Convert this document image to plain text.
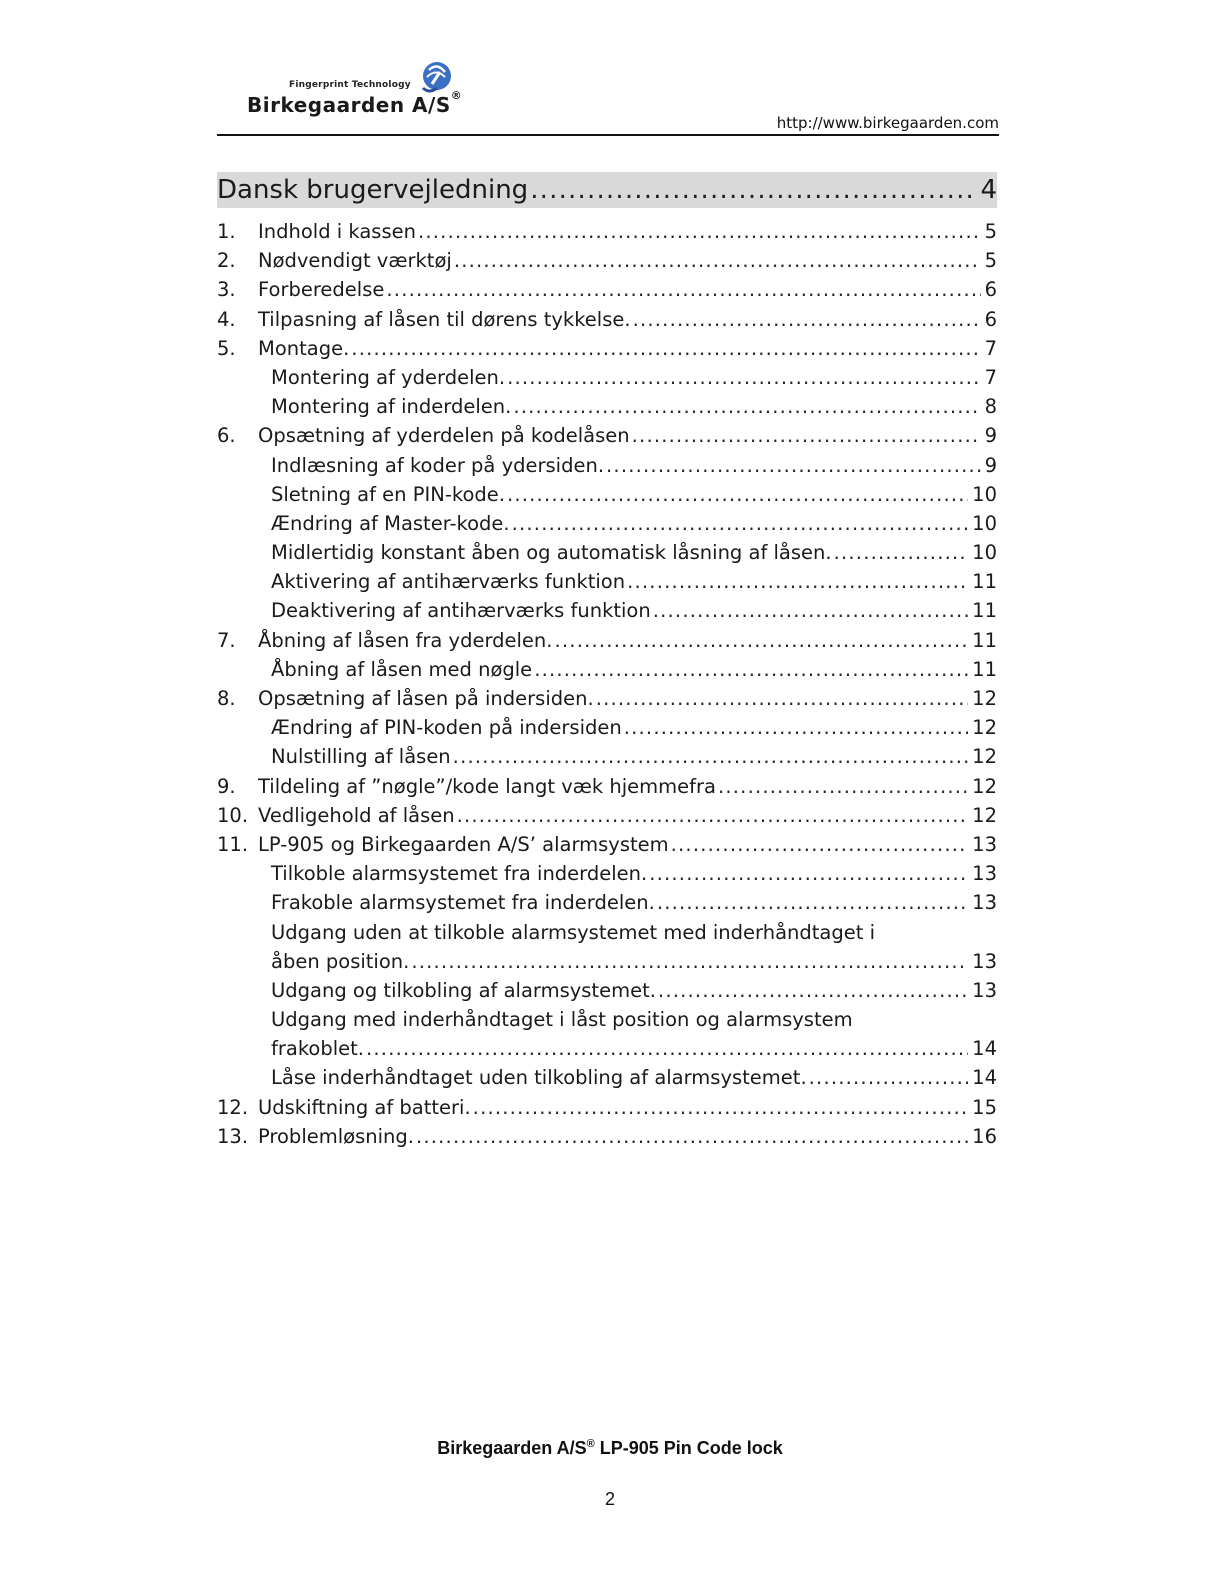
Fingerprint Technology
Birkegaarden A/S®
http://www.birkegaarden.com
Dansk brugervejledning .....	4
1.	Indhold i kassen .....	5
2.	Nødvendigt værktøj .....	5
3.	Forberedelse .....	6
4.	Tilpasning af låsen til dørens tykkelse. .....	6
5.	Montage. .....	7
Montering af yderdelen. .....	7
Montering af inderdelen. .....	8
6.	Opsætning af yderdelen på kodelåsen .....	9
Indlæsning af koder på ydersiden. .....	9
Sletning af en PIN-kode. .....	10
Ændring af Master-kode. .....	10
Midlertidig konstant åben og automatisk låsning af låsen. .....	10
Aktivering af antihærværks funktion .....	11
Deaktivering af antihærværks funktion .....	11
7.	Åbning af låsen fra yderdelen. .....	11
Åbning af låsen med nøgle .....	11
8.	Opsætning af låsen på indersiden. .....	12
Ændring af PIN-koden på indersiden .....	12
Nulstilling af låsen .....	12
9.	Tildeling af ”nøgle”/kode langt væk hjemmefra .....	12
10. Vedligehold af låsen .....	12
11. LP-905 og Birkegaarden A/S’ alarmsystem .....	13
Tilkoble alarmsystemet fra inderdelen. .....	13
Frakoble alarmsystemet fra inderdelen. .....	13
Udgang uden at tilkoble alarmsystemet med inderhåndtaget i
åben position. .....	13
Udgang og tilkobling af alarmsystemet. .....	13
Udgang med inderhåndtaget i låst position og alarmsystem
frakoblet. .....	14
Låse inderhåndtaget uden tilkobling af alarmsystemet. .....	14
12. Udskiftning af batteri. .....	15
13. Problemløsning. .....	16
Birkegaarden A/S® LP-905 Pin Code lock
2
